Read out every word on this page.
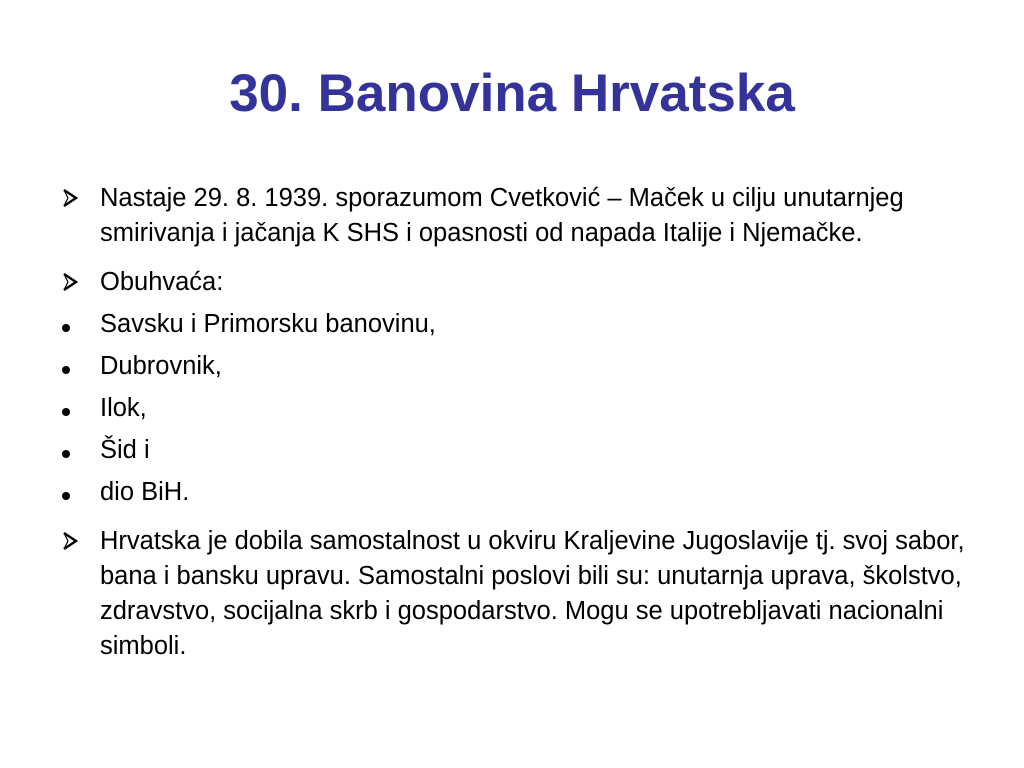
30. Banovina Hrvatska
Nastaje 29. 8. 1939. sporazumom Cvetković – Maček u cilju unutarnjeg smirivanja i jačanja K SHS i opasnosti od napada Italije i Njemačke.
Obuhvaća:
Savsku i Primorsku banovinu,
Dubrovnik,
Ilok,
Šid i
dio BiH.
Hrvatska je dobila samostalnost u okviru Kraljevine Jugoslavije tj. svoj sabor, bana i bansku upravu. Samostalni poslovi bili su: unutarnja uprava, školstvo, zdravstvo, socijalna skrb i gospodarstvo. Mogu se upotrebljavati nacionalni simboli.
